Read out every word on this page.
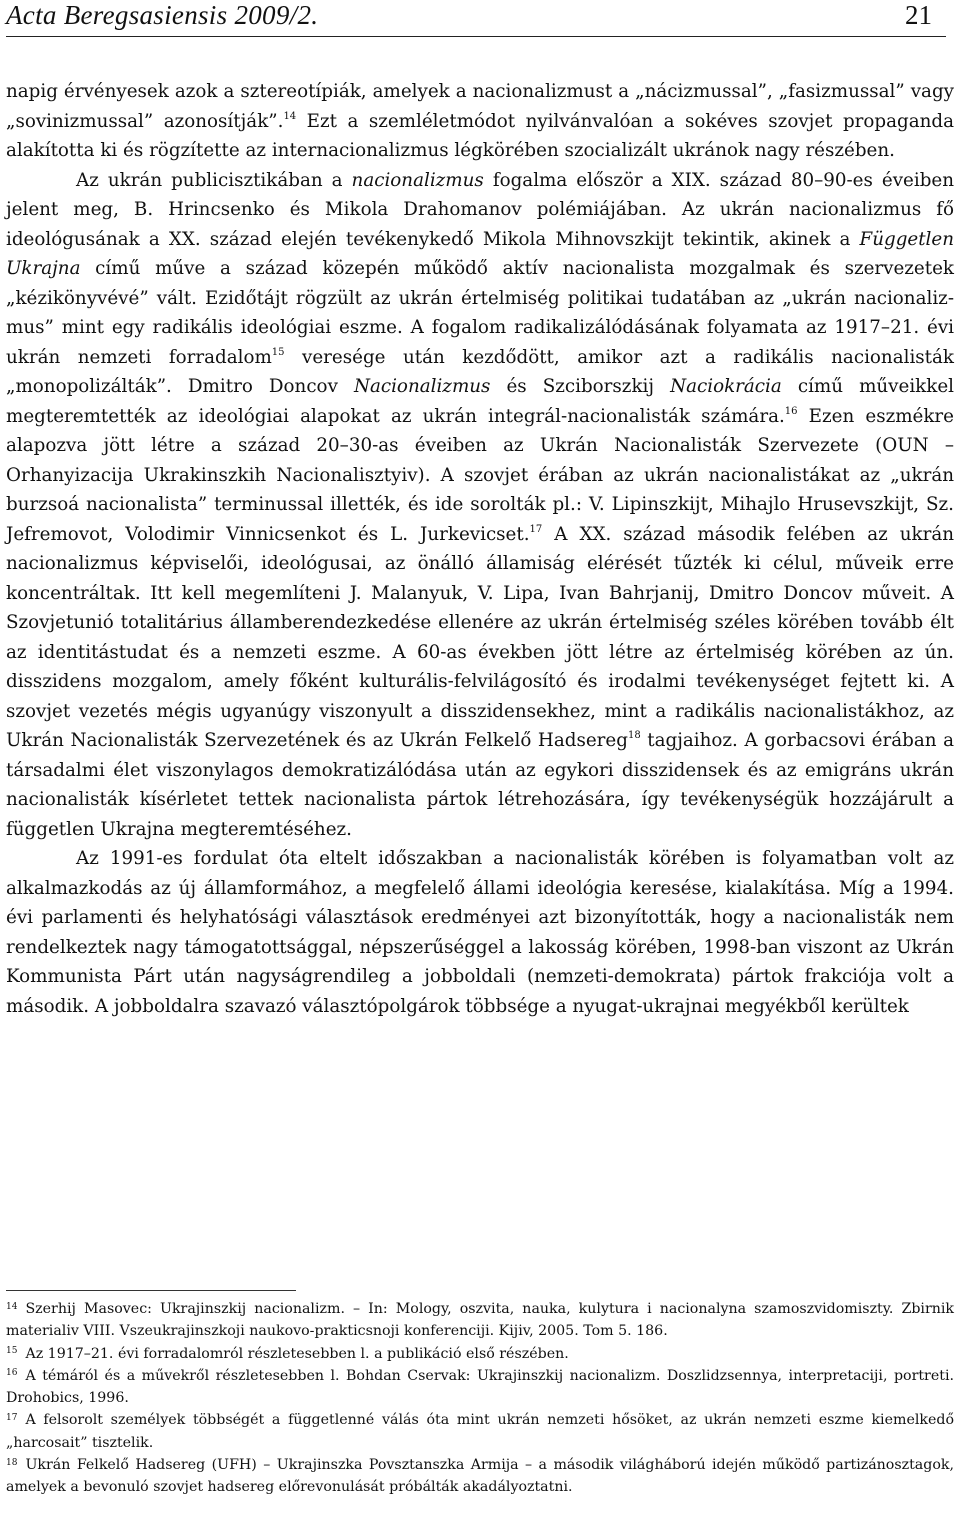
Acta Beregsasiensis 2009/2.	21

napig érvényesek azok a sztereotípiák, amelyek a nacionalizmust a „nácizmussal”, „fasizmussal” vagy „sovinizmussal” azonosítják”.$^{14}$ Ezt a szemléletmódot nyilvánvalóan a sokéves szovjet propaganda alakította ki és rögzítette az internacionalizmus légkörében szocializált ukránok nagy részében.

Az ukrán publicisztikában a nacionalizmus fogalma először a XIX. század 80–90-es éveiben jelent meg, B. Hrincsenko és Mikola Drahomanov polémiájában. Az ukrán nacionalizmus fő ideológusának a XX. század elején tevékenykedő Mikola Mihnovszkijt tekintik, akinek a Független Ukrajna című műve a század közepén működő aktív nacionalista mozgalmak és szervezetek „kézikönyvévé” vált. Ezidőtájt rögzült az ukrán értelmiség politikai tudatában az „ukrán nacionalizmus” mint egy radikális ideológiai eszme. A fogalom radikalizálódásának folyamata az 1917–21. évi ukrán nemzeti forradalom$^{15}$ veresége után kezdődött, amikor azt a radikális nacionalisták „monopolizálták”. Dmitro Doncov Nacionalizmus és Szciborszkij Naciokrácia című műveikkel megteremtették az ideológiai alapokat az ukrán integrál-nacionalisták számára.$^{16}$ Ezen eszmékre alapozva jött létre a század 20–30-as éveiben az Ukrán Nacionalisták Szervezete (OUN – Orhanyizacija Ukrakinszkih Nacionalisztyiv). A szovjet érában az ukrán nacionalistákat az „ukrán burzsoá nacionalista” terminussal illették, és ide sorolták pl.: V. Lipinszkijt, Mihajlo Hrusevszkijt, Sz. Jefremovot, Volodimir Vinnicsenkot és L. Jurkevicset.$^{17}$ A XX. század második felében az ukrán nacionalizmus képviselői, ideológusai, az önálló államiság elérését tűzték ki célul, műveik erre koncentráltak. Itt kell megemlíteni J. Malanyuk, V. Lipa, Ivan Bahrjanij, Dmitro Doncov műveit. A Szovjetunió totalitárius államberendezkedése ellenére az ukrán értelmiség széles körében tovább élt az identitástudat és a nemzeti eszme. A 60-as években jött létre az értelmiség körében az ún. disszidens mozgalom, amely főként kulturális-felvilágosító és irodalmi tevékenységet fejtett ki. A szovjet vezetés mégis ugyanúgy viszonyult a disszidensekhez, mint a radikális nacionalistákhoz, az Ukrán Nacionalisták Szervezetének és az Ukrán Felkelő Hadsereg$^{18}$ tagjaihoz. A gorbacsovi érában a társadalmi élet viszonylagos demokratizálódása után az egykori disszidensek és az emigráns ukrán nacionalisták kísérletet tettek nacionalista pártok létrehozására, így tevékenységük hozzájárult a független Ukrajna megteremtéséhez.

Az 1991-es fordulat óta eltelt időszakban a nacionalisták körében is folyamatban volt az alkalmazkodás az új államformához, a megfelelő állami ideológia keresése, kialakítása. Míg a 1994. évi parlamenti és helyhatósági választások eredményei azt bizonyították, hogy a nacionalisták nem rendelkeztek nagy támogatottsággal, népszerűséggel a lakosság körében, 1998-ban viszont az Ukrán Kommunista Párt után nagyságrendileg a jobboldali (nemzeti-demokrata) pártok frakciója volt a második. A jobboldalra szavazó választópolgárok többsége a nyugat-ukrajnai megyékből kerültek

$^{14}$ Szerhij Masovec: Ukrajinszkij nacionalizm. – In: Mology, oszvita, nauka, kulytura i nacionalyna szamoszvidomiszty. Zbirnik materialiv VIII. Vszeukrajinszkoji naukovo-prakticsnoji konferenciji. Kijiv, 2005. Tom 5. 186.

$^{15}$ Az 1917–21. évi forradalomról részletesebben l. a publikáció első részében.

$^{16}$ A témáról és a művekről részletesebben l. Bohdan Cservak: Ukrajinszkij nacionalizm. Doszlidzsennya, interpretaciji, portreti. Drohobics, 1996.

$^{17}$ A felsorolt személyek többségét a függetlenné válás óta mint ukrán nemzeti hősöket, az ukrán nemzeti eszme kiemelkedő „harcosait” tisztelik.

$^{18}$ Ukrán Felkelő Hadsereg (UFH) – Ukrajinszka Povsztanszka Armija – a második világháború idején működő partizánosztagok, amelyek a bevonuló szovjet hadsereg előrevonulását próbálták akadályoztatni.
